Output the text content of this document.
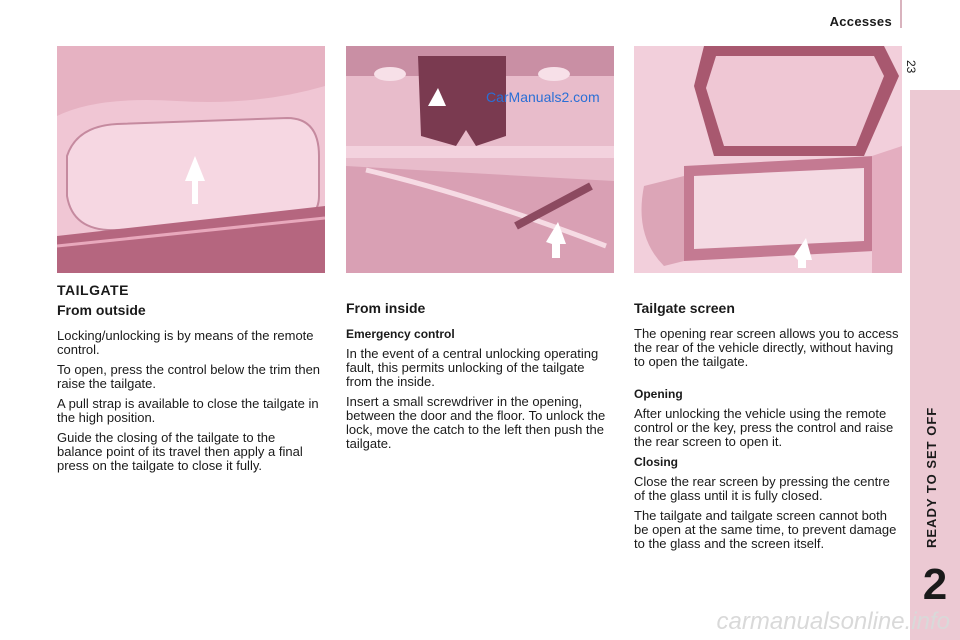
Accesses
23
READY TO SET OFF
2
CarManuals2.com
TAILGATE
From outside

Locking/unlocking is by means of the remote control.

To open, press the control below the trim then raise the tailgate.

A pull strap is available to close the tailgate in the high position.

Guide the closing of the tailgate to the balance point of its travel then apply a final press on the tailgate to close it fully.

From inside
Emergency control

In the event of a central unlocking operating fault, this permits unlocking of the tailgate from the inside.

Insert a small screwdriver in the opening, between the door and the floor. To unlock the lock, move the catch to the left then push the tailgate.

Tailgate screen

The opening rear screen allows you to access the rear of the vehicle directly, without having to open the tailgate.

Opening

After unlocking the vehicle using the remote control or the key, press the control and raise the rear screen to open it.

Closing

Close the rear screen by pressing the centre of the glass until it is fully closed.

The tailgate and tailgate screen cannot both be open at the same time, to prevent damage to the glass and the screen itself.

carmanualsonline.info
